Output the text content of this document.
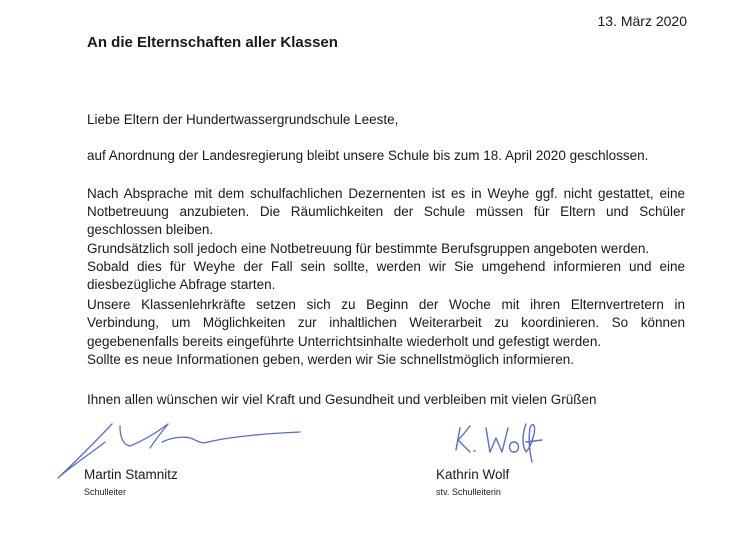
13. März 2020
An die Elternschaften aller Klassen
Liebe Eltern der Hundertwassergrundschule Leeste,
auf Anordnung der Landesregierung bleibt unsere Schule bis zum 18. April 2020 geschlossen.
Nach Absprache mit dem schulfachlichen Dezernenten ist es in Weyhe ggf. nicht gestattet, eine
Notbetreuung anzubieten. Die Räumlichkeiten der Schule müssen für Eltern und Schüler
geschlossen bleiben.
Grundsätzlich soll jedoch eine Notbetreuung für bestimmte Berufsgruppen angeboten werden.
Sobald dies für Weyhe der Fall sein sollte, werden wir Sie umgehend informieren und eine
diesbezügliche Abfrage starten.
Unsere Klassenlehrkräfte setzen sich zu Beginn der Woche mit ihren Elternvertretern in
Verbindung, um Möglichkeiten zur inhaltlichen Weiterarbeit zu koordinieren. So können
gegebenenfalls bereits eingeführte Unterrichtsinhalte wiederholt und gefestigt werden.
Sollte es neue Informationen geben, werden wir Sie schnellstmöglich informieren.
Ihnen allen wünschen wir viel Kraft und Gesundheit und verbleiben mit vielen Grüßen
Martin Stamnitz
Schulleiter
Kathrin Wolf
stv. Schulleiterin
